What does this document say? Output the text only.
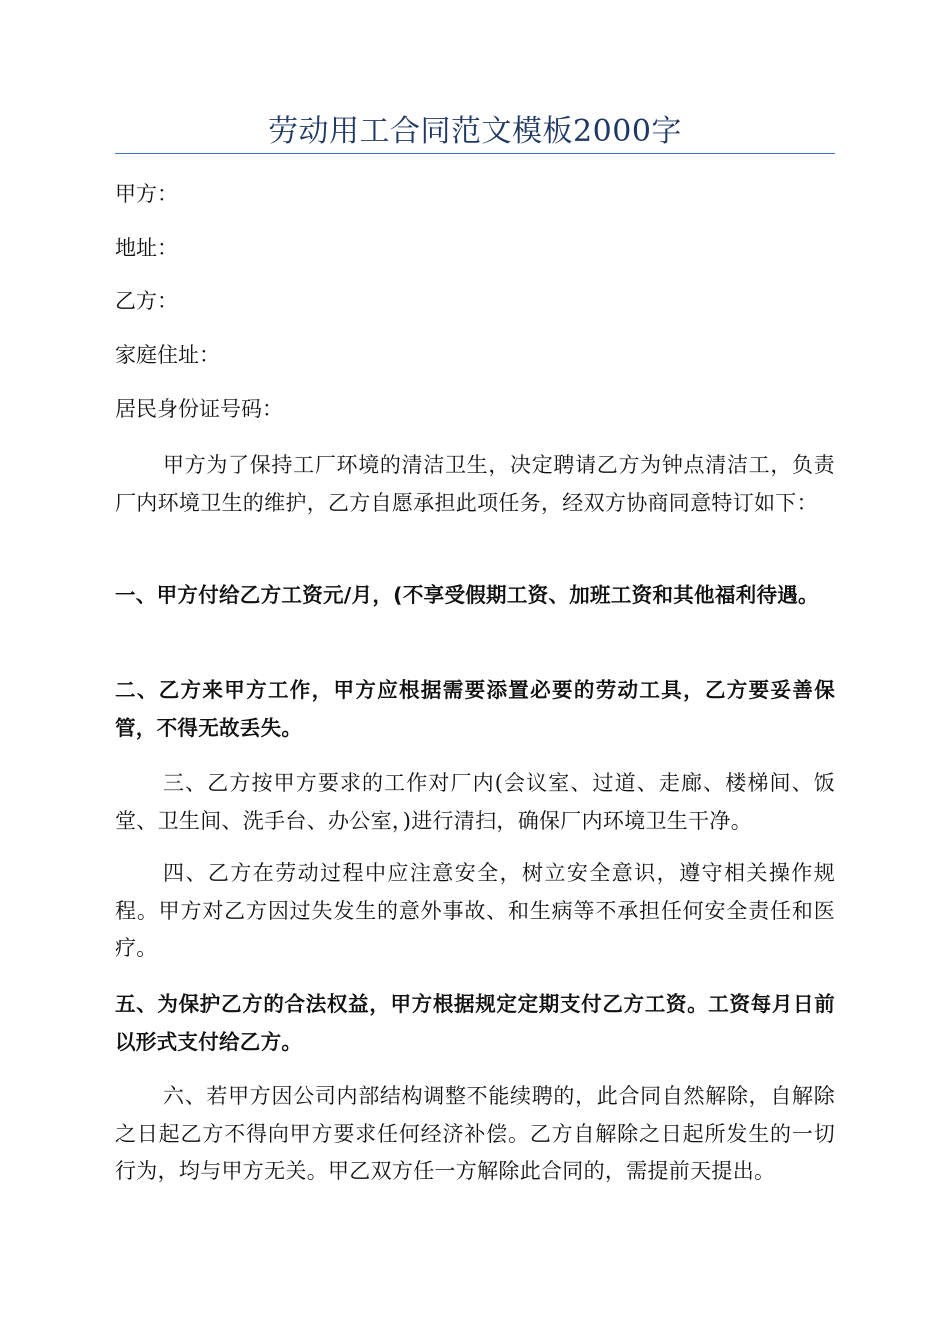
劳动用工合同范文模板2000字
甲方：
地址：
乙方：
家庭住址：
居民身份证号码：
甲方为了保持工厂环境的清洁卫生，决定聘请乙方为钟点清洁工，负责厂内环境卫生的维护，乙方自愿承担此项任务，经双方协商同意特订如下：
一、甲方付给乙方工资元/月，(不享受假期工资、加班工资和其他福利待遇。
二、乙方来甲方工作，甲方应根据需要添置必要的劳动工具，乙方要妥善保管，不得无故丢失。
三、乙方按甲方要求的工作对厂内(会议室、过道、走廊、楼梯间、饭堂、卫生间、洗手台、办公室，)进行清扫，确保厂内环境卫生干净。
四、乙方在劳动过程中应注意安全，树立安全意识，遵守相关操作规程。甲方对乙方因过失发生的意外事故、和生病等不承担任何安全责任和医疗。
五、为保护乙方的合法权益，甲方根据规定定期支付乙方工资。工资每月日前以形式支付给乙方。
六、若甲方因公司内部结构调整不能续聘的，此合同自然解除，自解除之日起乙方不得向甲方要求任何经济补偿。乙方自解除之日起所发生的一切行为，均与甲方无关。甲乙双方任一方解除此合同的，需提前天提出。
